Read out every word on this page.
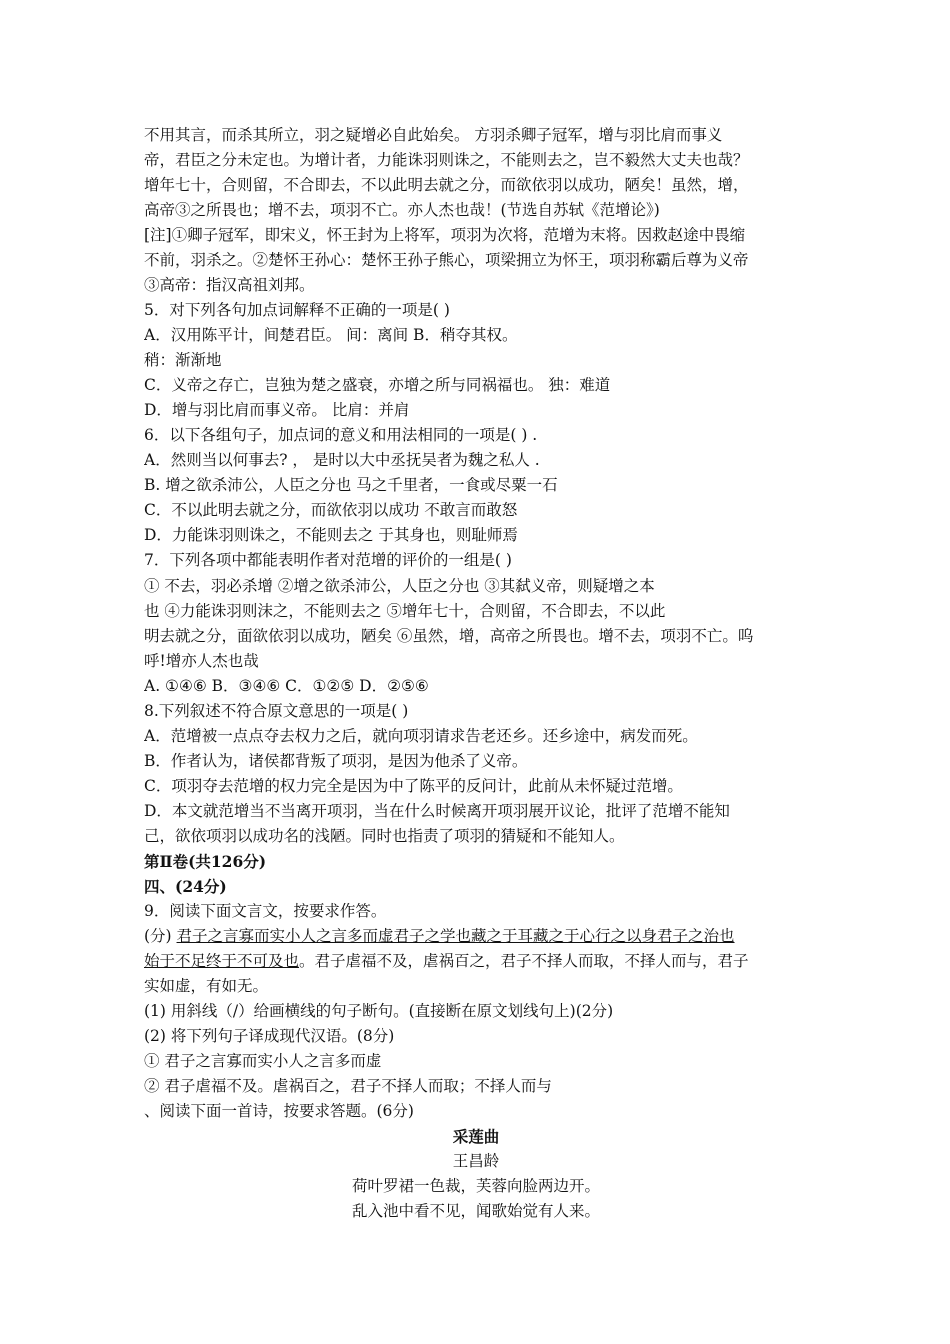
不用其言，而杀其所立，羽之疑增必自此始矣。 方羽杀卿子冠军，增与羽比肩而事义
帝，君臣之分未定也。为增计者，力能诛羽则诛之，不能则去之，岂不毅然大丈夫也哉？
增年七十，合则留，不合即去，不以此明去就之分，而欲依羽以成功，陋矣！虽然，增，
高帝③之所畏也；增不去，项羽不亡。亦人杰也哉！(节选自苏轼《范增论》)
[注]①卿子冠军，即宋义，怀王封为上将军，项羽为次将，范增为末将。因救赵途中畏缩
不前，羽杀之。②楚怀王孙心：楚怀王孙子熊心，项梁拥立为怀王，项羽称霸后尊为义帝
③高帝：指汉高祖刘邦。
5．对下列各句加点词解释不正确的一项是( )
A．汉用陈平计，间楚君臣。 间：离间 B．稍夺其权。
稍：渐渐地
C．义帝之存亡，岂独为楚之盛衰，亦增之所与同祸福也。 独：难道
D．增与羽比肩而事义帝。 比肩：并肩
6．以下各组句子，加点词的意义和用法相同的一项是( ) .
A．然则当以何事去? ， 是时以大中丞抚吴者为魏之私人 .
B. 增之欲杀沛公，人臣之分也 马之千里者，一食或尽粟一石
C．不以此明去就之分，而欲依羽以成功 不敢言而敢怒
D．力能诛羽则诛之，不能则去之 于其身也，则耻师焉
7．下列各项中都能表明作者对范增的评价的一组是( )
① 不去，羽必杀增 ②增之欲杀沛公，人臣之分也 ③其弑义帝，则疑增之本
也 ④力能诛羽则沫之，不能则去之 ⑤增年七十，合则留，不合即去，不以此
明去就之分，面欲依羽以成功，陋矣 ⑥虽然，增，高帝之所畏也。增不去，项羽不亡。呜
呼!增亦人杰也哉
A. ①④⑥ B．③④⑥ C．①②⑤ D．②⑤⑥
8.下列叙述不符合原文意思的一项是( )
A．范增被一点点夺去权力之后，就向项羽请求告老还乡。还乡途中，病发而死。
B．作者认为，诸侯都背叛了项羽，是因为他杀了义帝。
C．项羽夺去范增的权力完全是因为中了陈平的反问计，此前从未怀疑过范增。
D．本文就范增当不当离开项羽，当在什么时候离开项羽展开议论，批评了范增不能知
己，欲依项羽以成功名的浅陋。同时也指责了项羽的猜疑和不能知人。
第Ⅱ卷(共126分)
四、(24分)
9．阅读下面文言文，按要求作答。
(分) 君子之言寡而实小人之言多而虚君子之学也藏之于耳藏之于心行之以身君子之治也
始于不足终于不可及也。君子虐福不及，虐祸百之，君子不择人而取，不择人而与，君子
实如虚，有如无。
(1) 用斜线（/）给画横线的句子断句。(直接断在原文划线句上)(2分)
(2) 将下列句子译成现代汉语。(8分)
① 君子之言寡而实小人之言多而虚
② 君子虐福不及。虐祸百之，君子不择人而取；不择人而与
、阅读下面一首诗，按要求答题。(6分)
采莲曲
王昌龄
荷叶罗裙一色裁，芙蓉向脸两边开。
乱入池中看不见，闻歌始觉有人来。
